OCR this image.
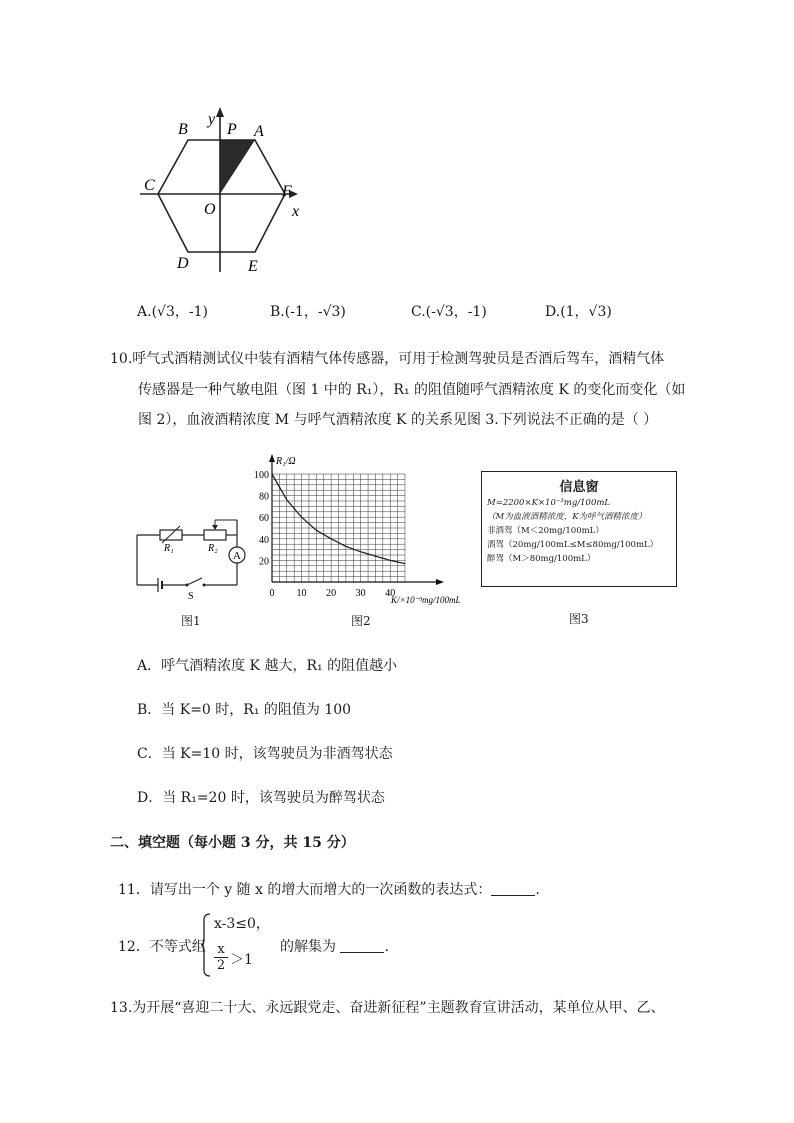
y
B P A
C	F
O	x
D	E
A.(√3，-1)	B.(-1，-√3)	C.(-√3，-1)	D.(1，√3)
10.呼气式酒精测试仪中装有酒精气体传感器，可用于检测驾驶员是否酒后驾车，酒精气体
传感器是一种气敏电阻（图 1 中的 R₁），R₁ 的阻值随呼气酒精浓度 K 的变化而变化（如
图 2），血液酒精浓度 M 与呼气酒精浓度 K 的关系见图 3.下列说法不正确的是（ ）
A
R₁	R₂
S
图1
100
80
60
40
20
0 10 20 30 40
R₁/Ω
K/×10⁻³mg/100mL
图2
信息窗
M=2200×K×10⁻³mg/100mL
（M为血液酒精浓度，K为呼气酒精浓度）
非酒驾（M＜20mg/100mL）
酒驾（20mg/100mL≤M≤80mg/100mL）
醉驾（M＞80mg/100mL）
图3
A．呼气酒精浓度 K 越大，R₁ 的阻值越小
B．当 K=0 时，R₁ 的阻值为 100
C．当 K=10 时，该驾驶员为非酒驾状态
D．当 R₁=20 时，该驾驶员为醉驾状态
二、填空题（每小题 3 分，共 15 分）
11．请写出一个 y 随 x 的增大而增大的一次函数的表达式：	.
12．不等式组
x-3≤0，
$\frac{x}{2} >1$
的解集为	.
13.为开展“喜迎二十大、永远跟党走、奋进新征程”主题教育宣讲活动，某单位从甲、乙、
